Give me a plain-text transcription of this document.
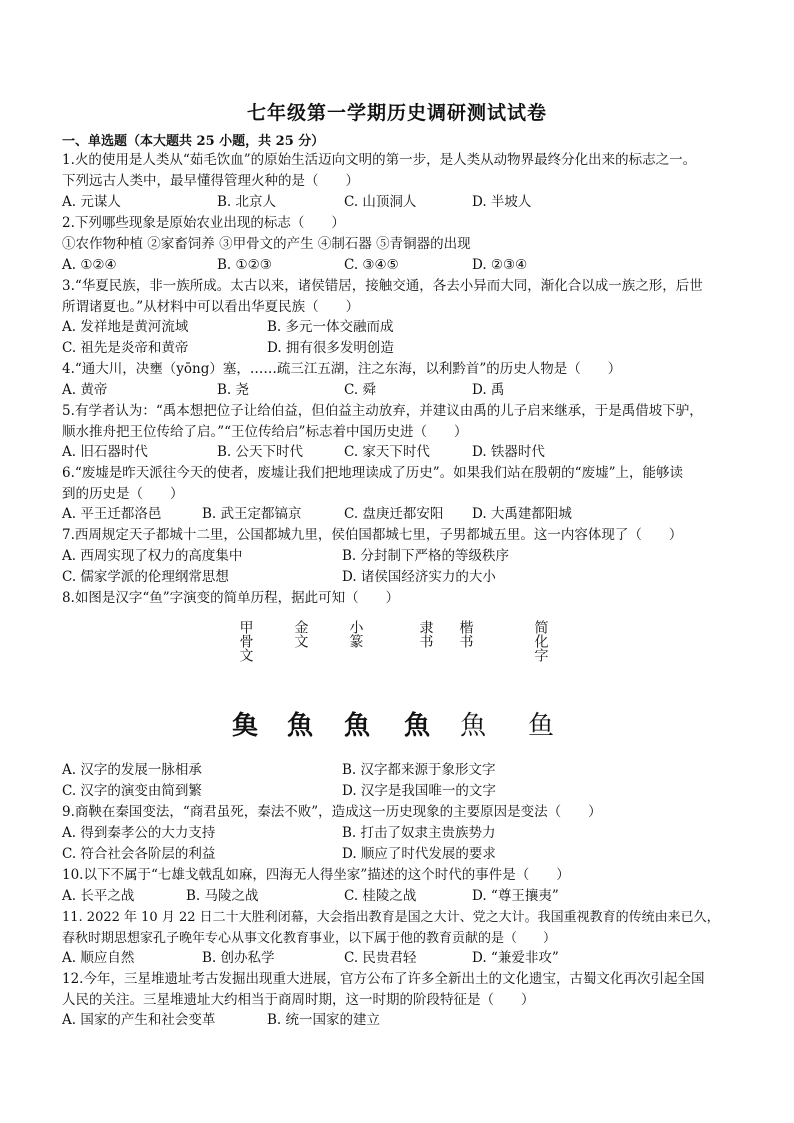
七年级第一学期历史调研测试试卷
一、单选题（本大题共 25 小题，共 25 分）
1.火的使用是人类从“茹毛饮血”的原始生活迈向文明的第一步，是人类从动物界最终分化出来的标志之一。
下列远古人类中，最早懂得管理火种的是（　　）
A. 元谋人	B. 北京人	C. 山顶洞人	D. 半坡人
2.下列哪些现象是原始农业出现的标志（　　）
①农作物种植 ②家畜饲养 ③甲骨文的产生 ④制石器 ⑤青铜器的出现
A. ①②④	B. ①②③	C. ③④⑤	D. ②③④
3.“华夏民族，非一族所成。太古以来，诸侯错居，接触交通，各去小异而大同，渐化合以成一族之形，后世
所谓诸夏也。”从材料中可以看出华夏民族（　　）
A. 发祥地是黄河流域	B. 多元一体交融而成
C. 祖先是炎帝和黄帝	D. 拥有很多发明创造
4.“通大川，决壅（yōng）塞，……疏三江五湖，注之东海，以利黔首”的历史人物是（　　）
A. 黄帝	B. 尧	C. 舜	D. 禹
5.有学者认为：“禹本想把位子让给伯益，但伯益主动放弃，并建议由禹的儿子启来继承，于是禹借坡下驴，
顺水推舟把王位传给了启。”“王位传给启”标志着中国历史进（　　）
A. 旧石器时代	B. 公天下时代	C. 家天下时代	D. 铁器时代
6.“废墟是昨天派往今天的使者，废墟让我们把地理读成了历史”。如果我们站在殷朝的“废墟”上，能够读
到的历史是（　　）
A. 平王迁都洛邑	B. 武王定都镐京	C. 盘庚迁都安阳 D. 大禹建都阳城
7.西周规定天子都城十二里，公国都城九里，侯伯国都城七里，子男都城五里。这一内容体现了（　　）
A. 西周实现了权力的高度集中	B. 分封制下严格的等级秩序
C. 儒家学派的伦理纲常思想	D. 诸侯国经济实力的大小
8.如图是汉字“鱼”字演变的简单历程，据此可知（　　）
甲骨文	金文	小篆	隶书 楷书	简化字
𩵋 魚 魚 魚 魚 鱼
A. 汉字的发展一脉相承	B. 汉字都来源于象形文字
C. 汉字的演变由简到繁	D. 汉字是我国唯一的文字
9.商鞅在秦国变法，“商君虽死，秦法不败”，造成这一历史现象的主要原因是变法（　　）
A. 得到秦孝公的大力支持	B. 打击了奴隶主贵族势力
C. 符合社会各阶层的利益	D. 顺应了时代发展的要求
10.以下不属于“七雄戈戟乱如麻，四海无人得坐家”描述的这个时代的事件是（　　）
A. 长平之战	B. 马陵之战	C. 桂陵之战	D. “尊王攘夷”
11. 2022 年 10 月 22 日二十大胜利闭幕，大会指出教育是国之大计、党之大计。我国重视教育的传统由来已久，
春秋时期思想家孔子晚年专心从事文化教育事业，以下属于他的教育贡献的是（　　）
A. 顺应自然	B. 创办私学	C. 民贵君轻	D. “兼爱非攻”
12.今年，三星堆遗址考古发掘出现重大进展，官方公布了许多全新出土的文化遗宝，古蜀文化再次引起全国
人民的关注。三星堆遗址大约相当于商周时期，这一时期的阶段特征是（　　）
A. 国家的产生和社会变革	B. 统一国家的建立
